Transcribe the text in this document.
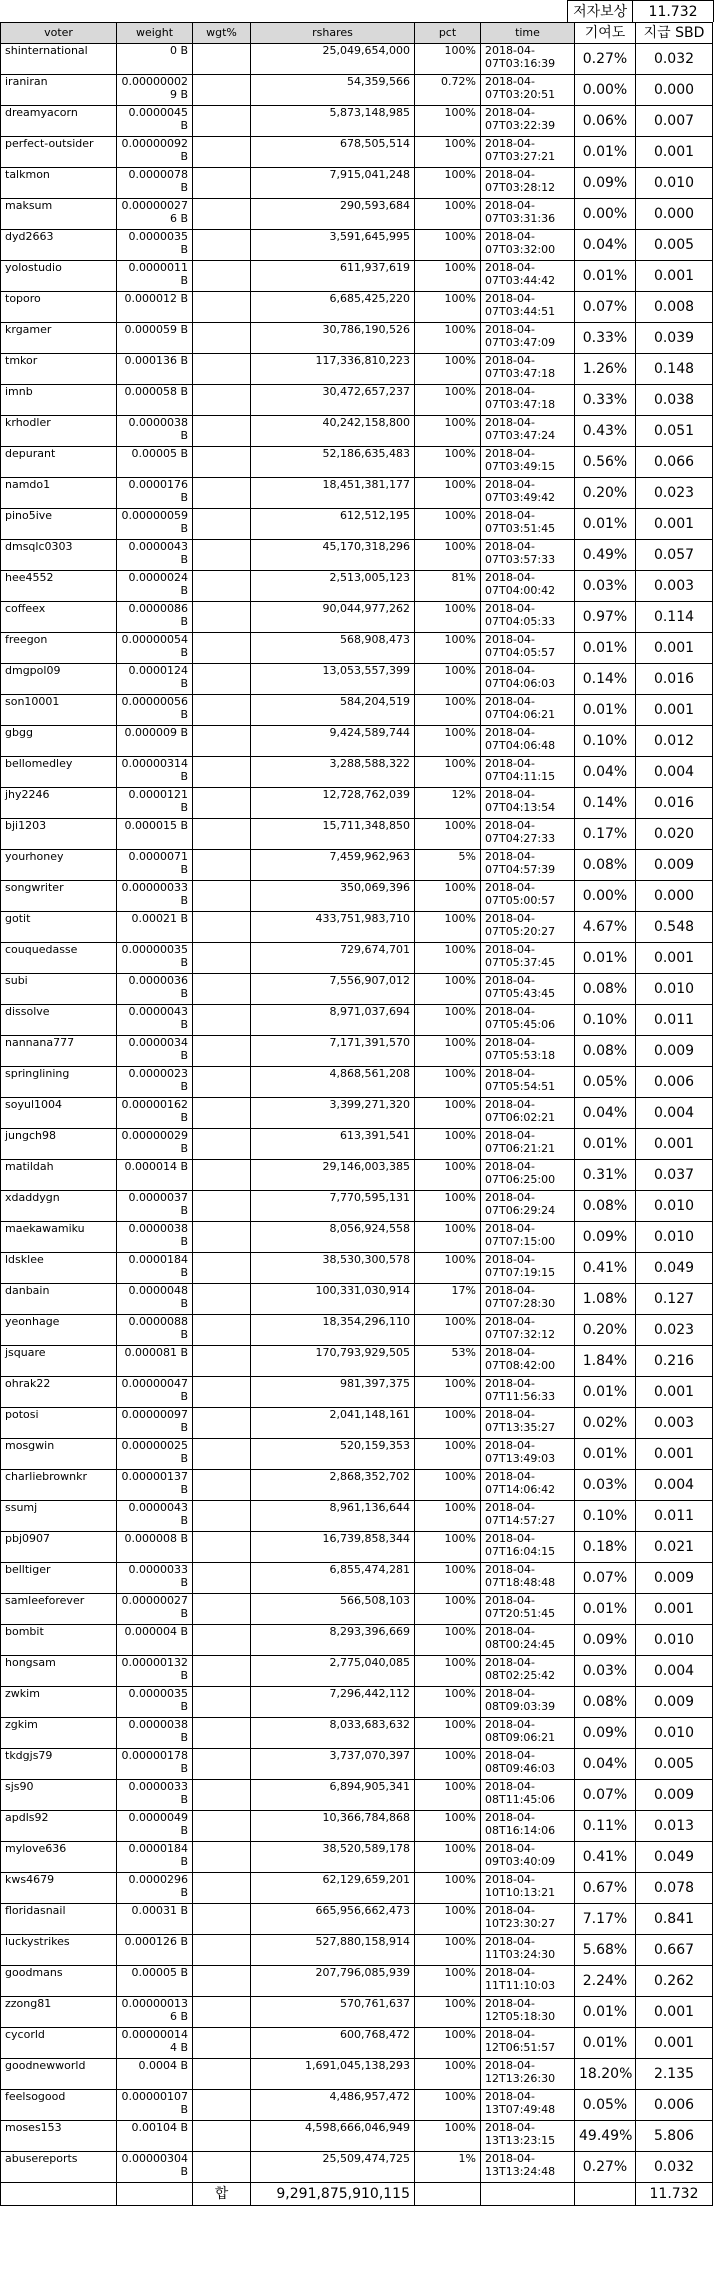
저자보상	11.732
voter	weight	wgt%	rshares	pct	time	기여도	지급 SBD
shinternational	0 B		25,049,654,000	100%	2018-04-07T03:16:39	0.27%	0.032
iraniran	0.00000002 9 B		54,359,566	0.72%	2018-04-07T03:20:51	0.00%	0.000
dreamyacorn	0.0000045 B		5,873,148,985	100%	2018-04-07T03:22:39	0.06%	0.007
perfect-outsider	0.00000092 B		678,505,514	100%	2018-04-07T03:27:21	0.01%	0.001
talkmon	0.0000078 B		7,915,041,248	100%	2018-04-07T03:28:12	0.09%	0.010
maksum	0.00000027 6 B		290,593,684	100%	2018-04-07T03:31:36	0.00%	0.000
dyd2663	0.0000035 B		3,591,645,995	100%	2018-04-07T03:32:00	0.04%	0.005
yolostudio	0.0000011 B		611,937,619	100%	2018-04-07T03:44:42	0.01%	0.001
toporo	0.000012 B		6,685,425,220	100%	2018-04-07T03:44:51	0.07%	0.008
krgamer	0.000059 B		30,786,190,526	100%	2018-04-07T03:47:09	0.33%	0.039
tmkor	0.000136 B		117,336,810,223	100%	2018-04-07T03:47:18	1.26%	0.148
imnb	0.000058 B		30,472,657,237	100%	2018-04-07T03:47:18	0.33%	0.038
krhodler	0.0000038 B		40,242,158,800	100%	2018-04-07T03:47:24	0.43%	0.051
depurant	0.00005 B		52,186,635,483	100%	2018-04-07T03:49:15	0.56%	0.066
namdo1	0.0000176 B		18,451,381,177	100%	2018-04-07T03:49:42	0.20%	0.023
pino5ive	0.00000059 B		612,512,195	100%	2018-04-07T03:51:45	0.01%	0.001
dmsqlc0303	0.0000043 B		45,170,318,296	100%	2018-04-07T03:57:33	0.49%	0.057
hee4552	0.0000024 B		2,513,005,123	81%	2018-04-07T04:00:42	0.03%	0.003
coffeex	0.0000086 B		90,044,977,262	100%	2018-04-07T04:05:33	0.97%	0.114
freegon	0.00000054 B		568,908,473	100%	2018-04-07T04:05:57	0.01%	0.001
dmgpol09	0.0000124 B		13,053,557,399	100%	2018-04-07T04:06:03	0.14%	0.016
son10001	0.00000056 B		584,204,519	100%	2018-04-07T04:06:21	0.01%	0.001
gbgg	0.000009 B		9,424,589,744	100%	2018-04-07T04:06:48	0.10%	0.012
bellomedley	0.00000314 B		3,288,588,322	100%	2018-04-07T04:11:15	0.04%	0.004
jhy2246	0.0000121 B		12,728,762,039	12%	2018-04-07T04:13:54	0.14%	0.016
bji1203	0.000015 B		15,711,348,850	100%	2018-04-07T04:27:33	0.17%	0.020
yourhoney	0.0000071 B		7,459,962,963	5%	2018-04-07T04:57:39	0.08%	0.009
songwriter	0.00000033 B		350,069,396	100%	2018-04-07T05:00:57	0.00%	0.000
gotit	0.00021 B		433,751,983,710	100%	2018-04-07T05:20:27	4.67%	0.548
couquedasse	0.00000035 B		729,674,701	100%	2018-04-07T05:37:45	0.01%	0.001
subi	0.0000036 B		7,556,907,012	100%	2018-04-07T05:43:45	0.08%	0.010
dissolve	0.0000043 B		8,971,037,694	100%	2018-04-07T05:45:06	0.10%	0.011
nannana777	0.0000034 B		7,171,391,570	100%	2018-04-07T05:53:18	0.08%	0.009
springlining	0.0000023 B		4,868,561,208	100%	2018-04-07T05:54:51	0.05%	0.006
soyul1004	0.00000162 B		3,399,271,320	100%	2018-04-07T06:02:21	0.04%	0.004
jungch98	0.00000029 B		613,391,541	100%	2018-04-07T06:21:21	0.01%	0.001
matildah	0.000014 B		29,146,003,385	100%	2018-04-07T06:25:00	0.31%	0.037
xdaddygn	0.0000037 B		7,770,595,131	100%	2018-04-07T06:29:24	0.08%	0.010
maekawamiku	0.0000038 B		8,056,924,558	100%	2018-04-07T07:15:00	0.09%	0.010
ldsklee	0.0000184 B		38,530,300,578	100%	2018-04-07T07:19:15	0.41%	0.049
danbain	0.0000048 B		100,331,030,914	17%	2018-04-07T07:28:30	1.08%	0.127
yeonhage	0.0000088 B		18,354,296,110	100%	2018-04-07T07:32:12	0.20%	0.023
jsquare	0.000081 B		170,793,929,505	53%	2018-04-07T08:42:00	1.84%	0.216
ohrak22	0.00000047 B		981,397,375	100%	2018-04-07T11:56:33	0.01%	0.001
potosi	0.00000097 B		2,041,148,161	100%	2018-04-07T13:35:27	0.02%	0.003
mosgwin	0.00000025 B		520,159,353	100%	2018-04-07T13:49:03	0.01%	0.001
charliebrownkr	0.00000137 B		2,868,352,702	100%	2018-04-07T14:06:42	0.03%	0.004
ssumj	0.0000043 B		8,961,136,644	100%	2018-04-07T14:57:27	0.10%	0.011
pbj0907	0.000008 B		16,739,858,344	100%	2018-04-07T16:04:15	0.18%	0.021
belltiger	0.0000033 B		6,855,474,281	100%	2018-04-07T18:48:48	0.07%	0.009
samleeforever	0.00000027 B		566,508,103	100%	2018-04-07T20:51:45	0.01%	0.001
bombit	0.000004 B		8,293,396,669	100%	2018-04-08T00:24:45	0.09%	0.010
hongsam	0.00000132 B		2,775,040,085	100%	2018-04-08T02:25:42	0.03%	0.004
zwkim	0.0000035 B		7,296,442,112	100%	2018-04-08T09:03:39	0.08%	0.009
zgkim	0.0000038 B		8,033,683,632	100%	2018-04-08T09:06:21	0.09%	0.010
tkdgjs79	0.00000178 B		3,737,070,397	100%	2018-04-08T09:46:03	0.04%	0.005
sjs90	0.0000033 B		6,894,905,341	100%	2018-04-08T11:45:06	0.07%	0.009
apdls92	0.0000049 B		10,366,784,868	100%	2018-04-08T16:14:06	0.11%	0.013
mylove636	0.0000184 B		38,520,589,178	100%	2018-04-09T03:40:09	0.41%	0.049
kws4679	0.0000296 B		62,129,659,201	100%	2018-04-10T10:13:21	0.67%	0.078
floridasnail	0.00031 B		665,956,662,473	100%	2018-04-10T23:30:27	7.17%	0.841
luckystrikes	0.000126 B		527,880,158,914	100%	2018-04-11T03:24:30	5.68%	0.667
goodmans	0.00005 B		207,796,085,939	100%	2018-04-11T11:10:03	2.24%	0.262
zzong81	0.00000013 6 B		570,761,637	100%	2018-04-12T05:18:30	0.01%	0.001
cycorld	0.00000014 4 B		600,768,472	100%	2018-04-12T06:51:57	0.01%	0.001
goodnewworld	0.0004 B		1,691,045,138,293	100%	2018-04-12T13:26:30	18.20%	2.135
feelsogood	0.00000107 B		4,486,957,472	100%	2018-04-13T07:49:48	0.05%	0.006
moses153	0.00104 B		4,598,666,046,949	100%	2018-04-13T13:23:15	49.49%	5.806
abusereports	0.00000304 B		25,509,474,725	1%	2018-04-13T13:24:48	0.27%	0.032
		합	9,291,875,910,115				11.732
